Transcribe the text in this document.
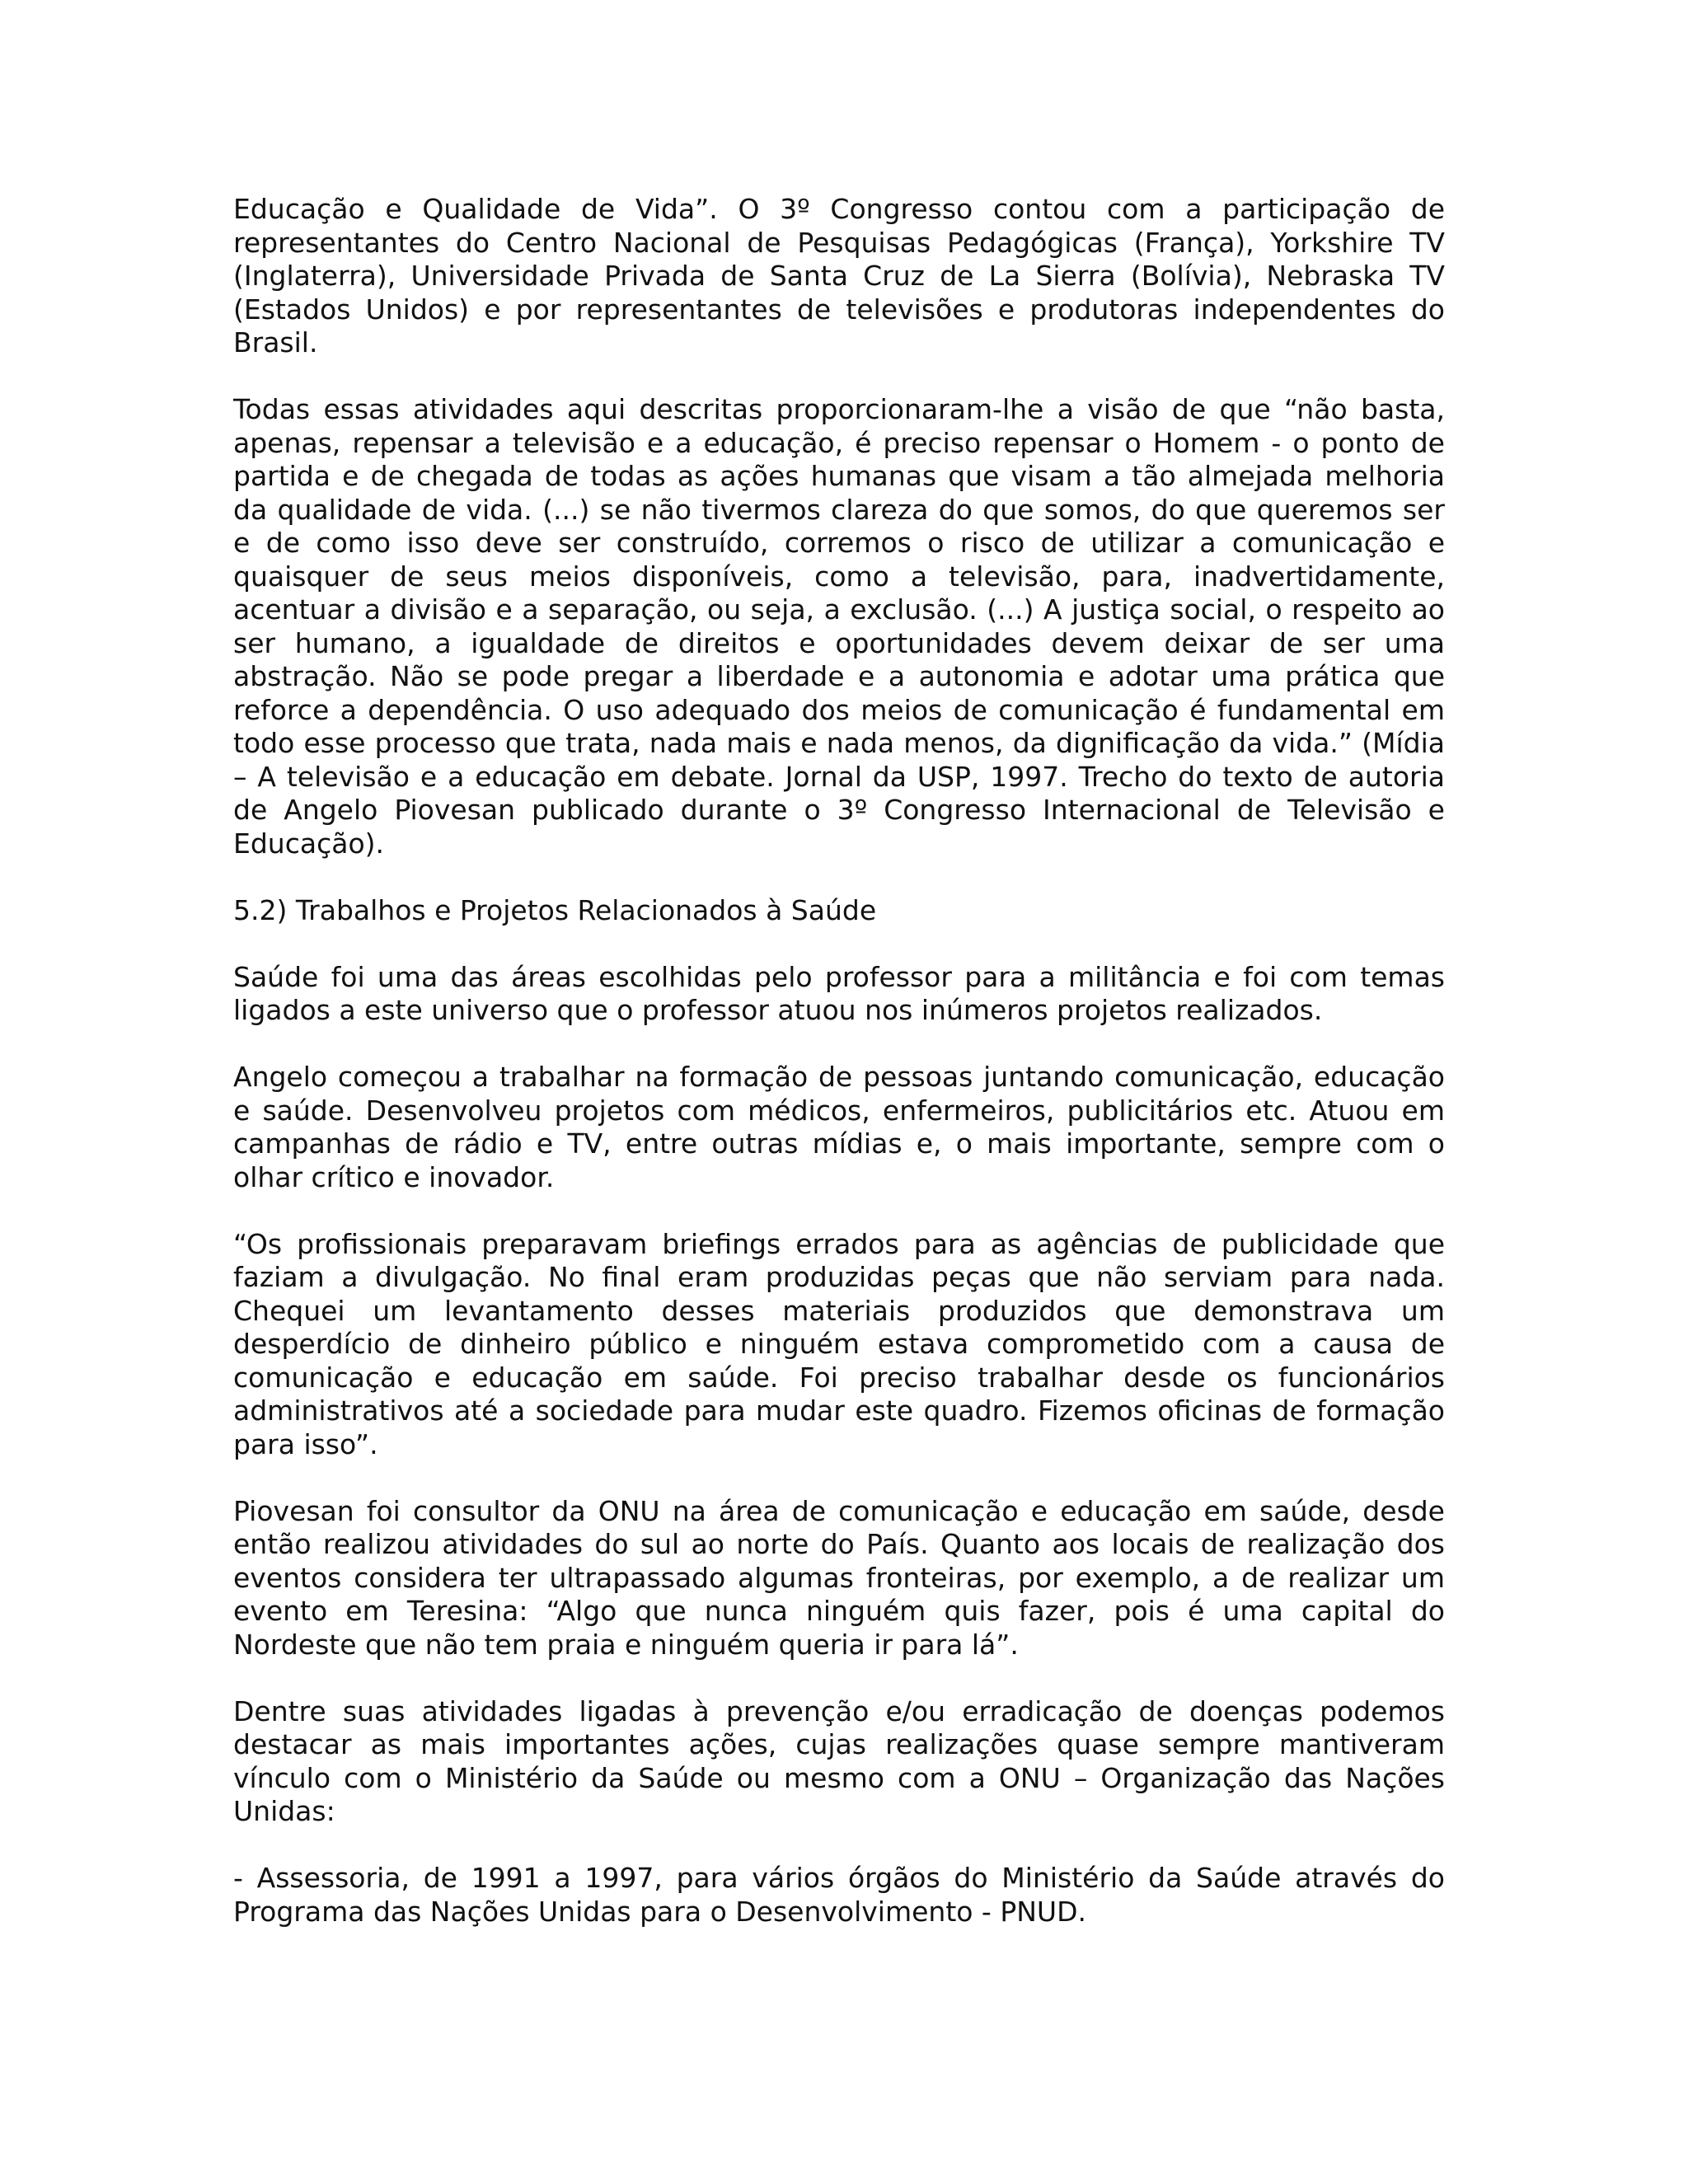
Educação e Qualidade de Vida”. O 3º Congresso contou com a participação de representantes do Centro Nacional de Pesquisas Pedagógicas (França), Yorkshire TV (Inglaterra), Universidade Privada de Santa Cruz de La Sierra (Bolívia), Nebraska TV (Estados Unidos) e por representantes de televisões e produtoras independentes do Brasil.

Todas essas atividades aqui descritas proporcionaram-lhe a visão de que “não basta, apenas, repensar a televisão e a educação, é preciso repensar o Homem - o ponto de partida e de chegada de todas as ações humanas que visam a tão almejada melhoria da qualidade de vida. (...) se não tivermos clareza do que somos, do que queremos ser e de como isso deve ser construído, corremos o risco de utilizar a comunicação e quaisquer de seus meios disponíveis, como a televisão, para, inadvertidamente, acentuar a divisão e a separação, ou seja, a exclusão. (...) A justiça social, o respeito ao ser humano, a igualdade de direitos e oportunidades devem deixar de ser uma abstração. Não se pode pregar a liberdade e a autonomia e adotar uma prática que reforce a dependência. O uso adequado dos meios de comunicação é fundamental em todo esse processo que trata, nada mais e nada menos, da dignificação da vida.” (Mídia – A televisão e a educação em debate. Jornal da USP, 1997. Trecho do texto de autoria de Angelo Piovesan publicado durante o 3º Congresso Internacional de Televisão e Educação).

5.2) Trabalhos e Projetos Relacionados à Saúde

Saúde foi uma das áreas escolhidas pelo professor para a militância e foi com temas ligados a este universo que o professor atuou nos inúmeros projetos realizados.

Angelo começou a trabalhar na formação de pessoas juntando comunicação, educação e saúde. Desenvolveu projetos com médicos, enfermeiros, publicitários etc. Atuou em campanhas de rádio e TV, entre outras mídias e, o mais importante, sempre com o olhar crítico e inovador.

“Os profissionais preparavam briefings errados para as agências de publicidade que faziam a divulgação. No final eram produzidas peças que não serviam para nada. Chequei um levantamento desses materiais produzidos que demonstrava um desperdício de dinheiro público e ninguém estava comprometido com a causa de comunicação e educação em saúde. Foi preciso trabalhar desde os funcionários administrativos até a sociedade para mudar este quadro. Fizemos oficinas de formação para isso”.

Piovesan foi consultor da ONU na área de comunicação e educação em saúde, desde então realizou atividades do sul ao norte do País. Quanto aos locais de realização dos eventos considera ter ultrapassado algumas fronteiras, por exemplo, a de realizar um evento em Teresina: “Algo que nunca ninguém quis fazer, pois é uma capital do Nordeste que não tem praia e ninguém queria ir para lá”.

Dentre suas atividades ligadas à prevenção e/ou erradicação de doenças podemos destacar as mais importantes ações, cujas realizações quase sempre mantiveram vínculo com o Ministério da Saúde ou mesmo com a ONU – Organização das Nações Unidas:

- Assessoria, de 1991 a 1997, para vários órgãos do Ministério da Saúde através do Programa das Nações Unidas para o Desenvolvimento - PNUD.
